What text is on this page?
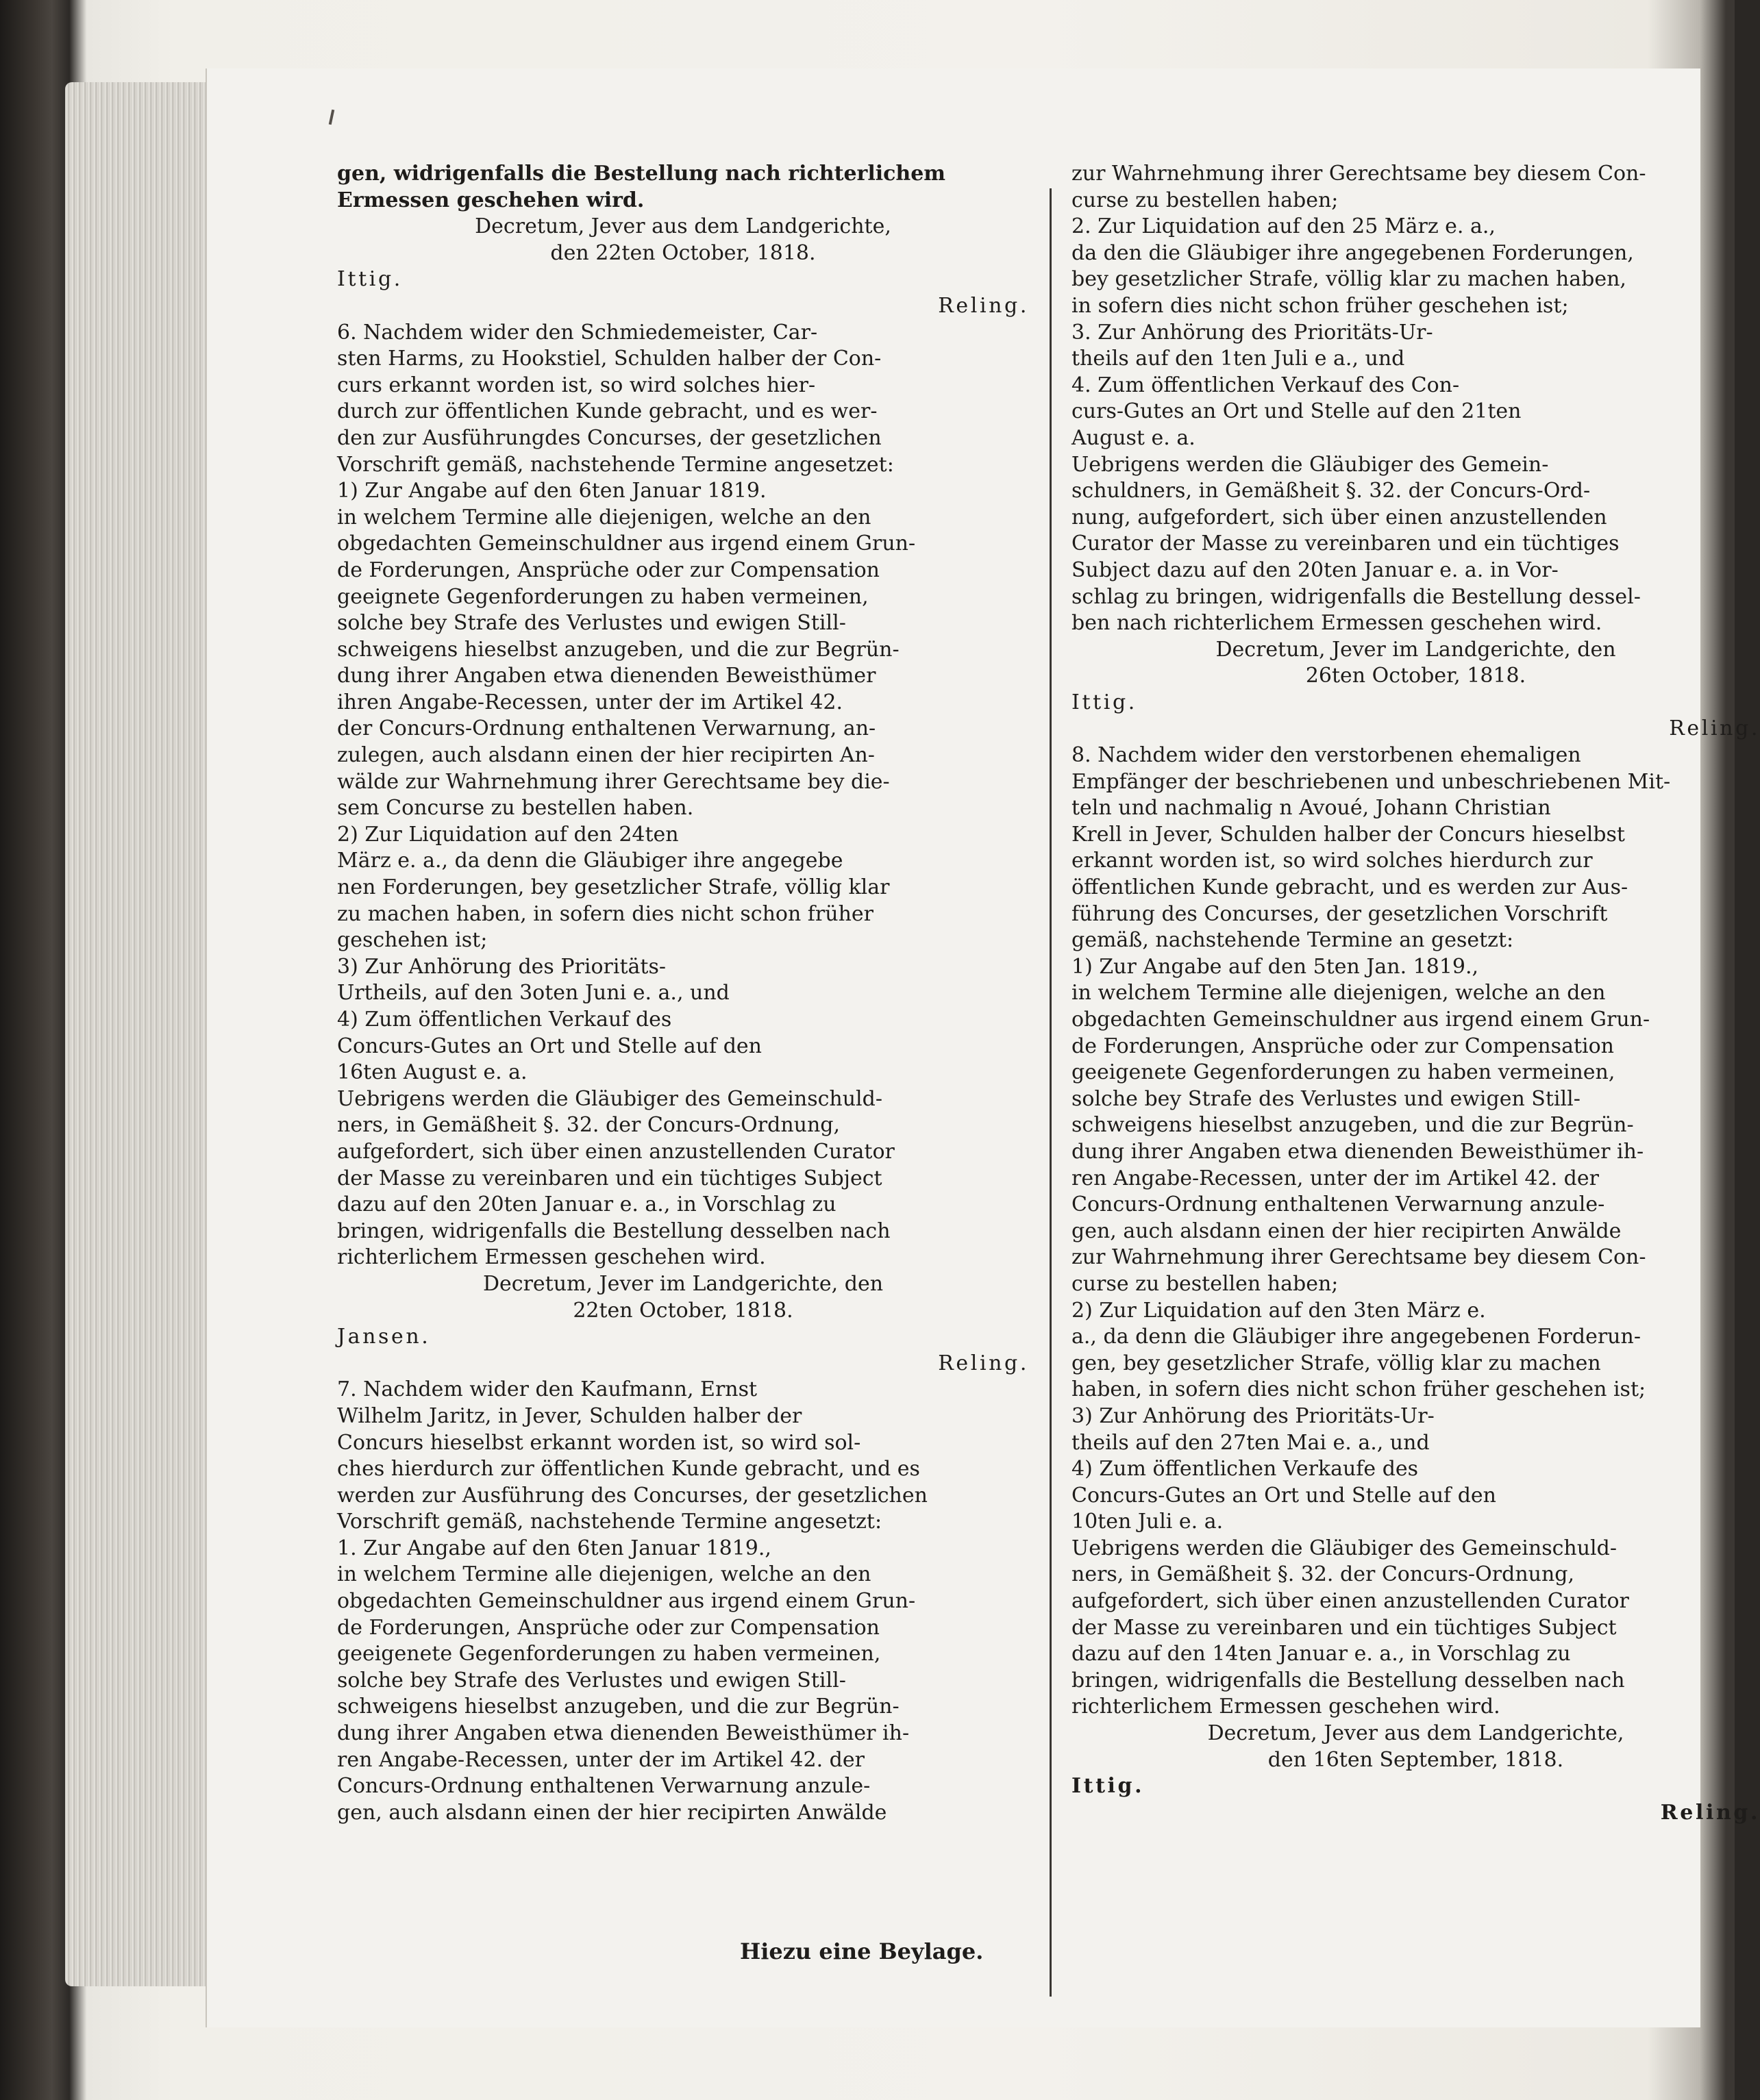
gen, widrigenfalls die Bestellung nach richterlichem
Ermessen geschehen wird.

Decretum, Jever aus dem Landgerichte,
den 22ten October, 1818.

Ittig.

Reling.

6. Nachdem wider den Schmiedemeister, Car-
sten Harms, zu Hookstiel, Schulden halber der Con-
curs erkannt worden ist, so wird solches hier-
durch zur öffentlichen Kunde gebracht, und es wer-
den zur Ausführungdes Concurses, der gesetzlichen
Vorschrift gemäß, nachstehende Termine angesetzet:

1) Zur Angabe auf den 6ten Januar 1819.
in welchem Termine alle diejenigen, welche an den
obgedachten Gemeinschuldner aus irgend einem Grun-
de Forderungen, Ansprüche oder zur Compensation
geeignete Gegenforderungen zu haben vermeinen,
solche bey Strafe des Verlustes und ewigen Still-
schweigens hieselbst anzugeben, und die zur Begrün-
dung ihrer Angaben etwa dienenden Beweisthümer
ihren Angabe-Recessen, unter der im Artikel 42.
der Concurs-Ordnung enthaltenen Verwarnung, an-
zulegen, auch alsdann einen der hier recipirten An-
wälde zur Wahrnehmung ihrer Gerechtsame bey die-
sem Concurse zu bestellen haben.

2) Zur Liquidation auf den 24ten
März e. a., da denn die Gläubiger ihre angegebe
nen Forderungen, bey gesetzlicher Strafe, völlig klar
zu machen haben, in sofern dies nicht schon früher
geschehen ist;

3) Zur Anhörung des Prioritäts-
Urtheils, auf den 3oten Juni e. a., und

4) Zum öffentlichen Verkauf des
Concurs-Gutes an Ort und Stelle auf den
16ten August e. a.

Uebrigens werden die Gläubiger des Gemeinschuld-
ners, in Gemäßheit §. 32. der Concurs-Ordnung,
aufgefordert, sich über einen anzustellenden Curator
der Masse zu vereinbaren und ein tüchtiges Subject
dazu auf den 20ten Januar e. a., in Vorschlag zu
bringen, widrigenfalls die Bestellung desselben nach
richterlichem Ermessen geschehen wird.

Decretum, Jever im Landgerichte, den
22ten October, 1818.

Jansen.

Reling.

7. Nachdem wider den Kaufmann, Ernst
Wilhelm Jaritz, in Jever, Schulden halber der
Concurs hieselbst erkannt worden ist, so wird sol-
ches hierdurch zur öffentlichen Kunde gebracht, und es
werden zur Ausführung des Concurses, der gesetzlichen
Vorschrift gemäß, nachstehende Termine angesetzt:

1. Zur Angabe auf den 6ten Januar 1819.,
in welchem Termine alle diejenigen, welche an den
obgedachten Gemeinschuldner aus irgend einem Grun-
de Forderungen, Ansprüche oder zur Compensation
geeigenete Gegenforderungen zu haben vermeinen,
solche bey Strafe des Verlustes und ewigen Still-
schweigens hieselbst anzugeben, und die zur Begrün-
dung ihrer Angaben etwa dienenden Beweisthümer ih-
ren Angabe-Recessen, unter der im Artikel 42. der
Concurs-Ordnung enthaltenen Verwarnung anzule-
gen, auch alsdann einen der hier recipirten Anwälde

zur Wahrnehmung ihrer Gerechtsame bey diesem Con-
curse zu bestellen haben;

2. Zur Liquidation auf den 25 März e. a.,
da den die Gläubiger ihre angegebenen Forderungen,
bey gesetzlicher Strafe, völlig klar zu machen haben,
in sofern dies nicht schon früher geschehen ist;

3. Zur Anhörung des Prioritäts-Ur-
theils auf den 1ten Juli e a., und

4. Zum öffentlichen Verkauf des Con-
curs-Gutes an Ort und Stelle auf den 21ten
August e. a.

Uebrigens werden die Gläubiger des Gemein-
schuldners, in Gemäßheit §. 32. der Concurs-Ord-
nung, aufgefordert, sich über einen anzustellenden
Curator der Masse zu vereinbaren und ein tüchtiges
Subject dazu auf den 20ten Januar e. a. in Vor-
schlag zu bringen, widrigenfalls die Bestellung dessel-
ben nach richterlichem Ermessen geschehen wird.

Decretum, Jever im Landgerichte, den
26ten October, 1818.

Ittig.

Reling.

8. Nachdem wider den verstorbenen ehemaligen
Empfänger der beschriebenen und unbeschriebenen Mit-
teln und nachmalig n Avoué, Johann Christian
Krell in Jever, Schulden halber der Concurs hieselbst
erkannt worden ist, so wird solches hierdurch zur
öffentlichen Kunde gebracht, und es werden zur Aus-
führung des Concurses, der gesetzlichen Vorschrift
gemäß, nachstehende Termine an gesetzt:

1) Zur Angabe auf den 5ten Jan. 1819.,
in welchem Termine alle diejenigen, welche an den
obgedachten Gemeinschuldner aus irgend einem Grun-
de Forderungen, Ansprüche oder zur Compensation
geeigenete Gegenforderungen zu haben vermeinen,
solche bey Strafe des Verlustes und ewigen Still-
schweigens hieselbst anzugeben, und die zur Begrün-
dung ihrer Angaben etwa dienenden Beweisthümer ih-
ren Angabe-Recessen, unter der im Artikel 42. der
Concurs-Ordnung enthaltenen Verwarnung anzule-
gen, auch alsdann einen der hier recipirten Anwälde
zur Wahrnehmung ihrer Gerechtsame bey diesem Con-
curse zu bestellen haben;

2) Zur Liquidation auf den 3ten März e.
a., da denn die Gläubiger ihre angegebenen Forderun-
gen, bey gesetzlicher Strafe, völlig klar zu machen
haben, in sofern dies nicht schon früher geschehen ist;

3) Zur Anhörung des Prioritäts-Ur-
theils auf den 27ten Mai e. a., und

4) Zum öffentlichen Verkaufe des
Concurs-Gutes an Ort und Stelle auf den
10ten Juli e. a.

Uebrigens werden die Gläubiger des Gemeinschuld-
ners, in Gemäßheit §. 32. der Concurs-Ordnung,
aufgefordert, sich über einen anzustellenden Curator
der Masse zu vereinbaren und ein tüchtiges Subject
dazu auf den 14ten Januar e. a., in Vorschlag zu
bringen, widrigenfalls die Bestellung desselben nach
richterlichem Ermessen geschehen wird.

Decretum, Jever aus dem Landgerichte,
den 16ten September, 1818.

Ittig.

Reling.

Hiezu eine Beylage.
